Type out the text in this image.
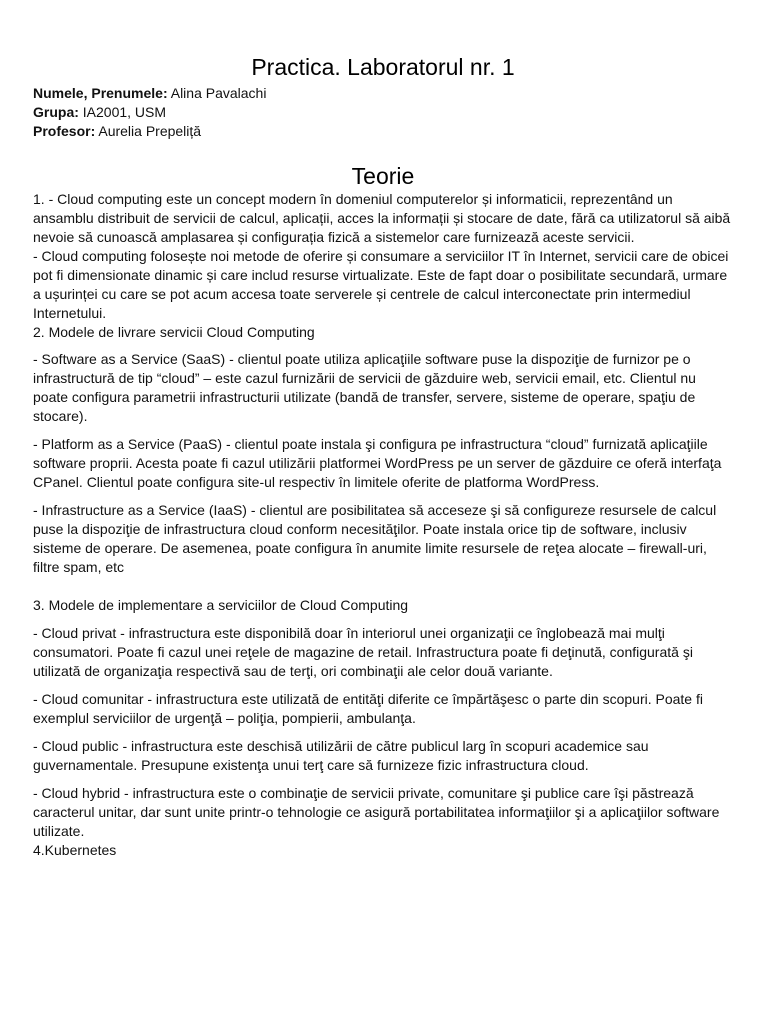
Practica. Laboratorul nr. 1

Numele, Prenumele: Alina Pavalachi

Grupa: IA2001, USM

Profesor: Aurelia Prepeliță

Teorie

1. - Cloud computing este un concept modern în domeniul computerelor și informaticii, reprezentând un ansamblu distribuit de servicii de calcul, aplicații, acces la informații și stocare de date, fără ca utilizatorul să aibă nevoie să cunoască amplasarea și configurația fizică a sistemelor care furnizează aceste servicii.

- Cloud computing folosește noi metode de oferire și consumare a serviciilor IT în Internet, servicii care de obicei pot fi dimensionate dinamic și care includ resurse virtualizate. Este de fapt doar o posibilitate secundară, urmare a ușurinței cu care se pot acum accesa toate serverele și centrele de calcul interconectate prin intermediul Internetului.

2. Modele de livrare servicii Cloud Computing

- Software as a Service (SaaS) - clientul poate utiliza aplicaţiile software puse la dispoziţie de furnizor pe o infrastructură de tip “cloud” – este cazul furnizării de servicii de găzduire web, servicii email, etc. Clientul nu poate configura parametrii infrastructurii utilizate (bandă de transfer, servere, sisteme de operare, spaţiu de stocare).

- Platform as a Service (PaaS) - clientul poate instala şi configura pe infrastructura “cloud” furnizată aplicaţiile software proprii. Acesta poate fi cazul utilizării platformei WordPress pe un server de găzduire ce oferă interfaţa CPanel. Clientul poate configura site-ul respectiv în limitele oferite de platforma WordPress.

- Infrastructure as a Service (IaaS) - clientul are posibilitatea să acceseze şi să configureze resursele de calcul puse la dispoziţie de infrastructura cloud conform necesităţilor. Poate instala orice tip de software, inclusiv sisteme de operare. De asemenea, poate configura în anumite limite resursele de reţea alocate – firewall-uri, filtre spam, etc

3. Modele de implementare a serviciilor de Cloud Computing

- Cloud privat - infrastructura este disponibilă doar în interiorul unei organizaţii ce înglobează mai mulţi consumatori. Poate fi cazul unei reţele de magazine de retail. Infrastructura poate fi deţinută, configurată şi utilizată de organizaţia respectivă sau de terţi, ori combinaţii ale celor două variante.

- Cloud comunitar - infrastructura este utilizată de entităţi diferite ce împărtăşesc o parte din scopuri. Poate fi exemplul serviciilor de urgenţă – poliţia, pompierii, ambulanţa.

- Cloud public - infrastructura este deschisă utilizării de către publicul larg în scopuri academice sau guvernamentale. Presupune existenţa unui terţ care să furnizeze fizic infrastructura cloud.

- Cloud hybrid - infrastructura este o combinaţie de servicii private, comunitare şi publice care îşi păstrează caracterul unitar, dar sunt unite printr-o tehnologie ce asigură portabilitatea informaţiilor şi a aplicaţiilor software utilizate.

4.Kubernetes
